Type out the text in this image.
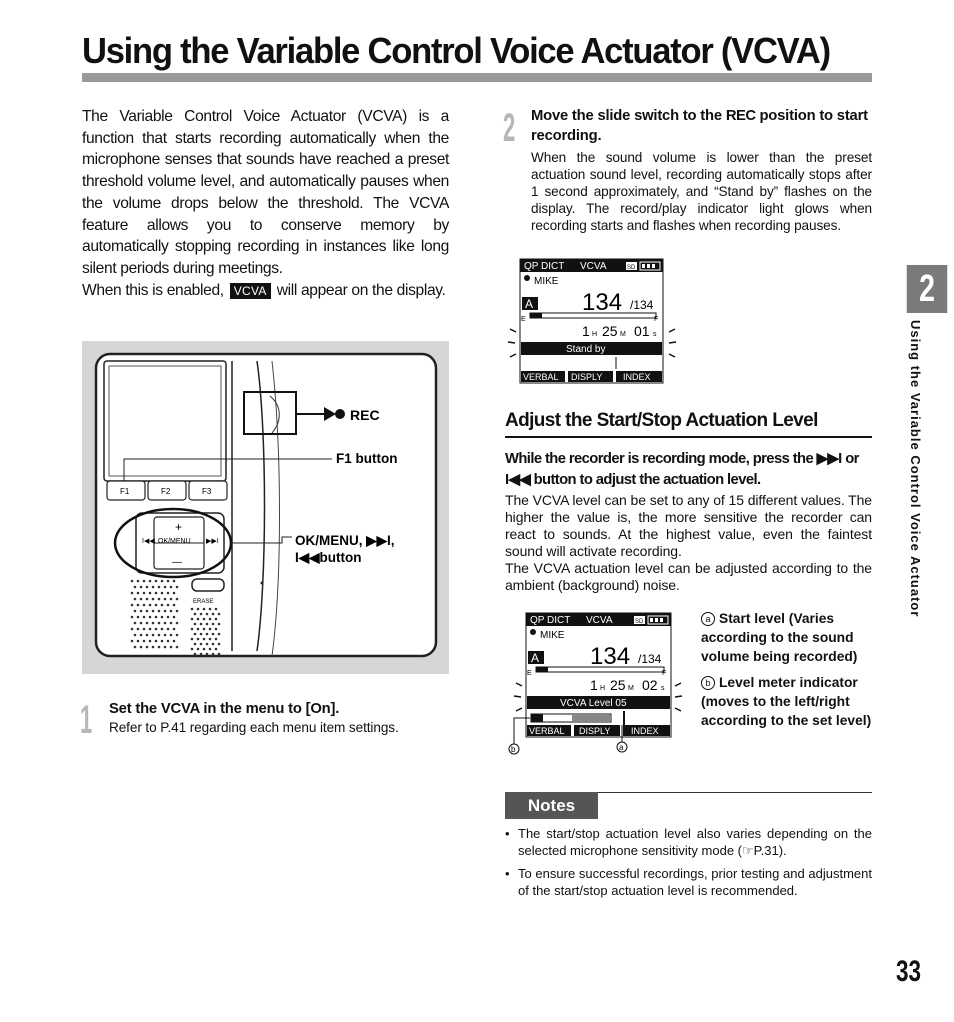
Using the Variable Control Voice Actuator (VCVA)

The Variable Control Voice Actuator (VCVA) is a function that starts recording automatically when the microphone senses that sounds have reached a preset threshold volume level, and automatically pauses when the volume drops below the threshold. The VCVA feature allows you to conserve memory by automatically stopping recording in instances like long silent periods during meetings.

When this is enabled, VCVA will appear on the display.

REC
F1	F2	F3
F1 button
+
—
OK/MENU
I◀◀	▶▶I	OK/MENU, ▶▶I,
I◀◀button
ERASE
1 Set the VCVA in the menu to [On].
Refer to P.41 regarding each menu item settings.
2 Move the slide switch to the REC position to start recording.
When the sound volume is lower than the preset actuation sound level, recording automatically stops after 1 second approximately, and “Stand by” flashes on the display. The record/play indicator light glows when recording starts and flashes when recording pauses.
QP DICT VCVA	SD
MIKE
A 134 /134
E	F
1 H 25 M 01 s
Stand by
VERBAL DISPLY INDEX
Adjust the Start/Stop Actuation Level
While the recorder is recording mode, press the ▶▶I or I◀◀ button to adjust the actuation level.

The VCVA level can be set to any of 15 different values. The higher the value is, the more sensitive the recorder can react to sounds. At the highest value, even the faintest sound will activate recording.

The VCVA actuation level can be adjusted according to the ambient (background) noise.

QP DICT VCVA	SD
MIKE
A 134 /134
E	F
1 H 25 M 02 s
VCVA Level 05
VERBAL DISPLY INDEX
b	a

a Start level (Varies according to the sound volume being recorded)

b Level meter indicator (moves to the left/right according to the set level)

Notes
• The start/stop actuation level also varies depending on the selected microphone sensitivity mode (☞P.31).
• To ensure successful recordings, prior testing and adjustment of the start/stop actuation level is recommended.
2
Using the Variable Control Voice Actuator
33
